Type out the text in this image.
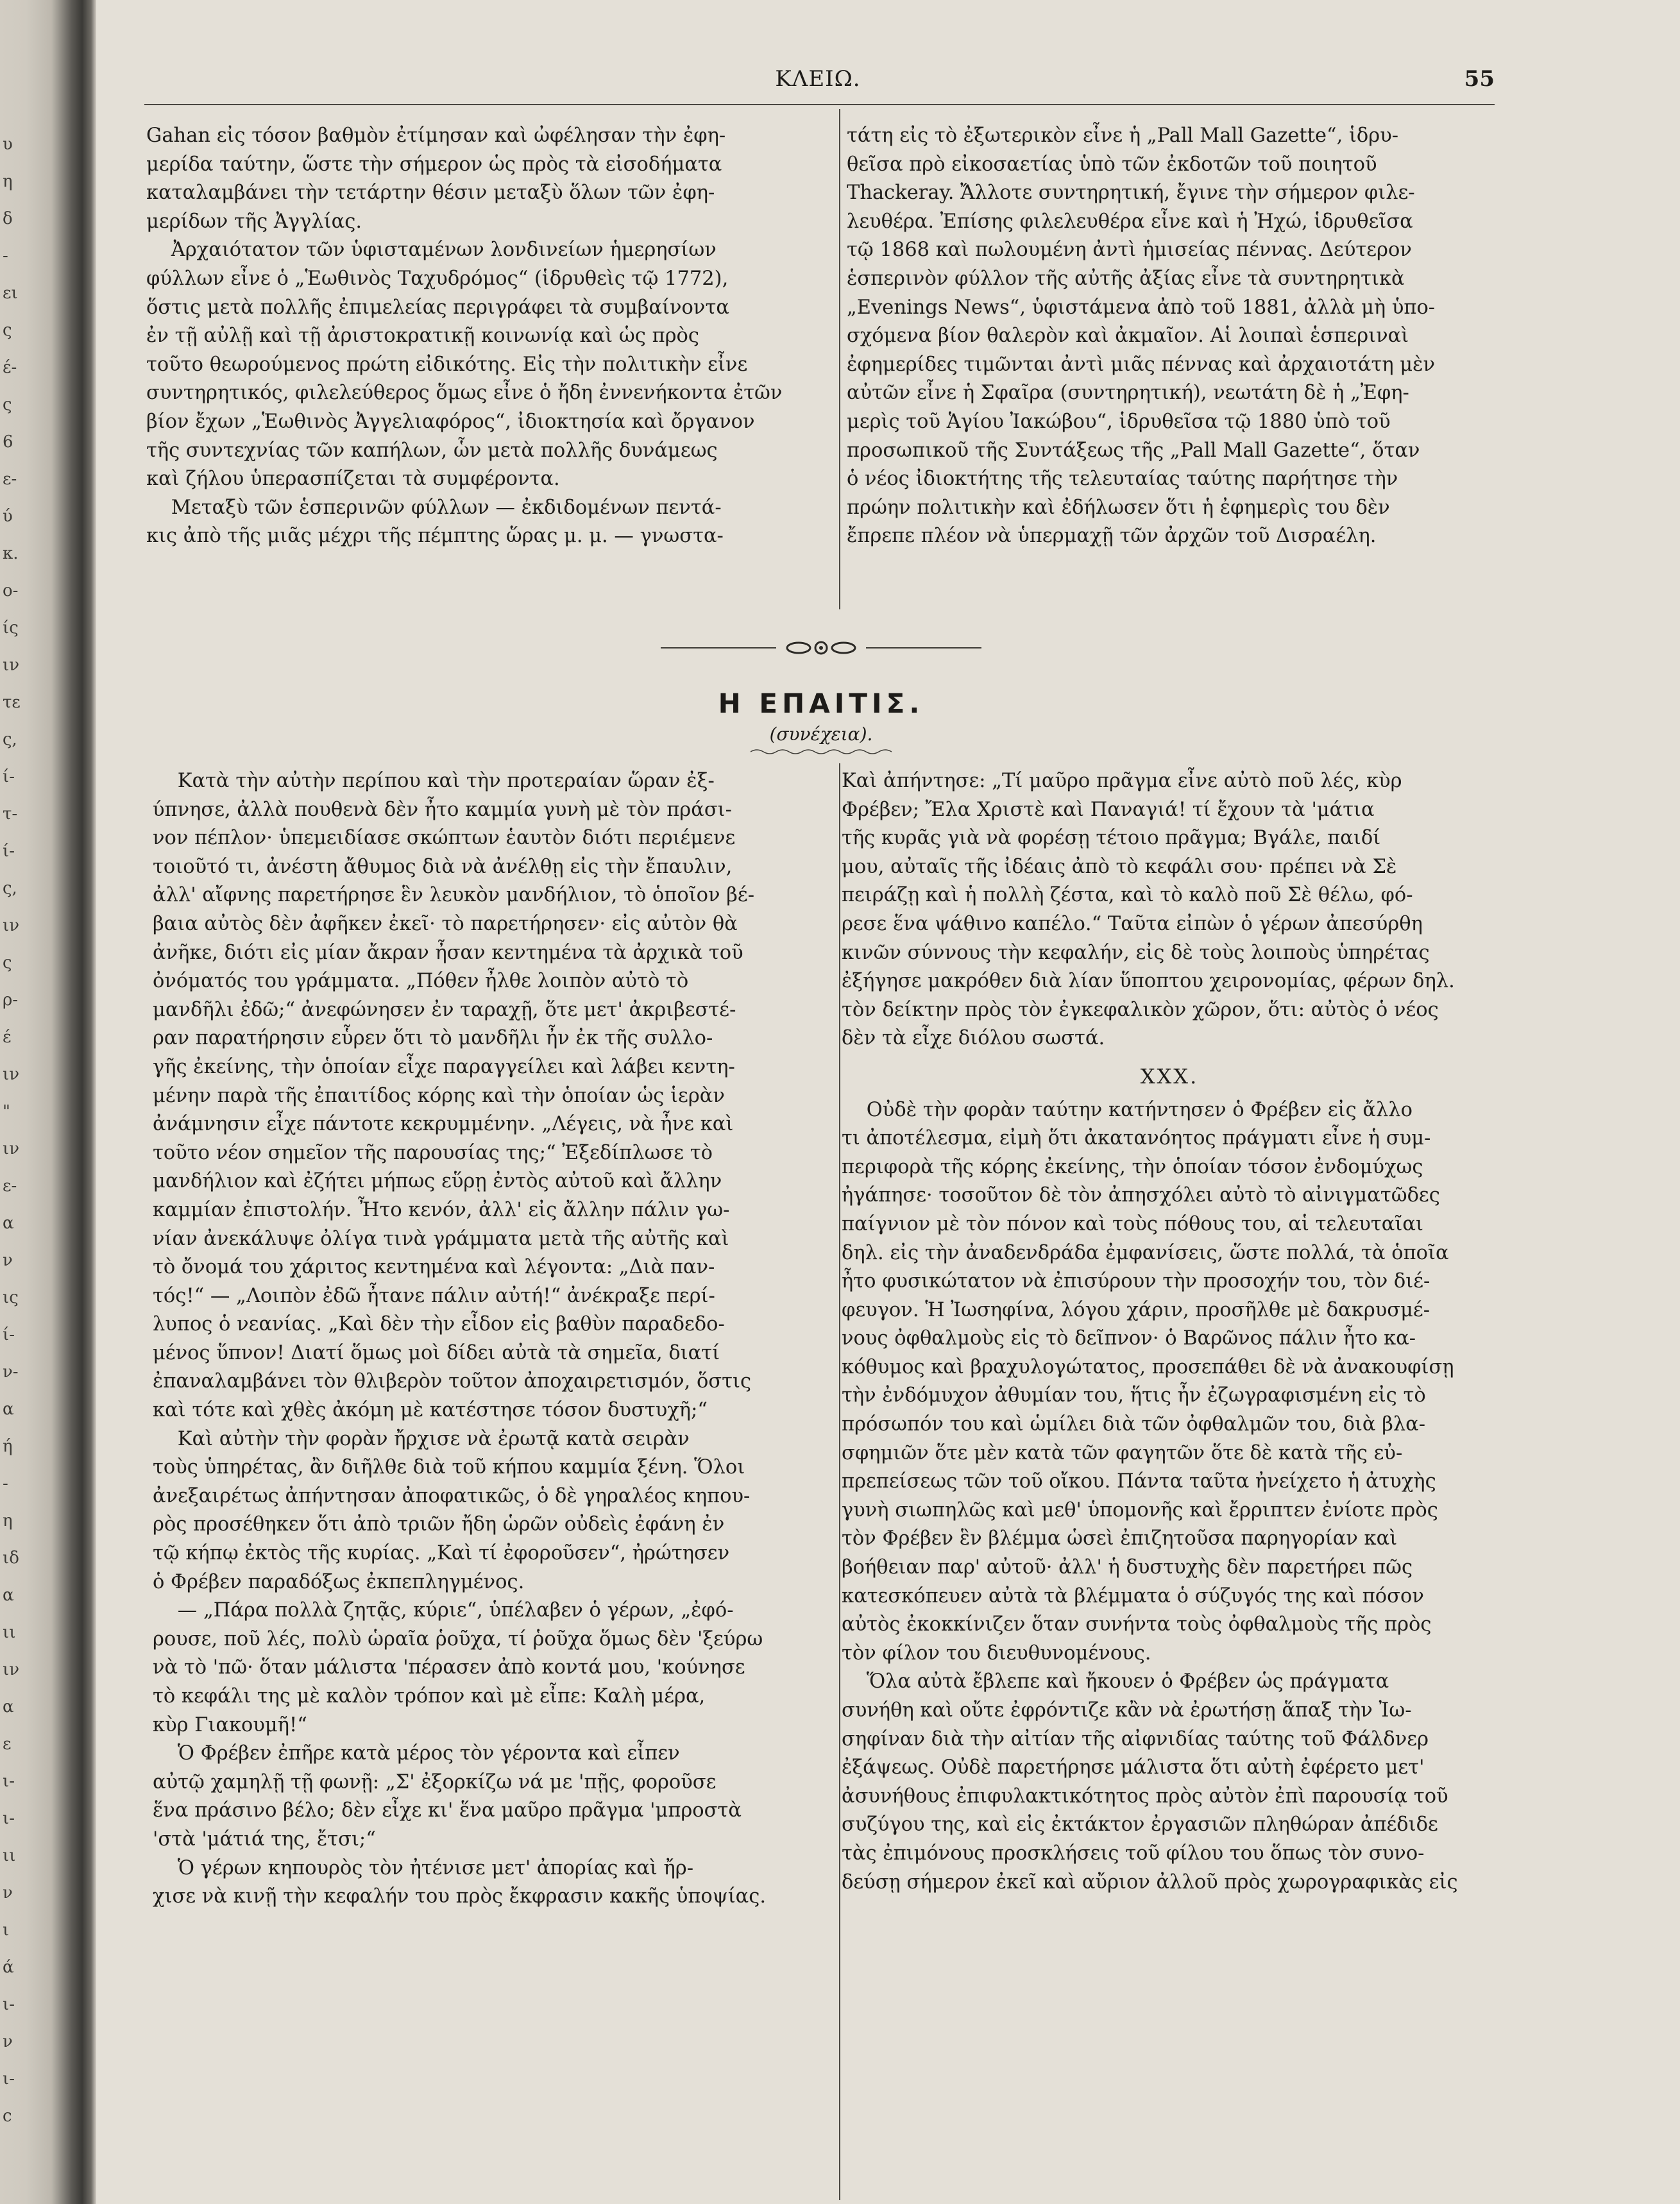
υ
η
δ
-
ει
ς
έ-
ς
6
ε-
ύ
κ.
ο-
ίς
ιν
τε
ς,
ί-
τ-
ί-
ς,
ιν
ς
ρ-
έ
ιν
"
ιν
ε-
α
ν
ις
ί-
ν-
α
ή
-
η
ιδ
α
ιι
ιν
α
ε
ι-
ι-
ιι
ν
ι
ά
ι-
ν
ι-
c
ΚΛΕΙΩ.	55
Gahan εἰς τόσον βαθμὸν ἐτίμησαν καὶ ὠφέλησαν τὴν ἐφη-
μερίδα ταύτην, ὥστε τὴν σήμερον ὡς πρὸς τὰ εἰσοδήματα
καταλαμβάνει τὴν τετάρτην θέσιν μεταξὺ ὅλων τῶν ἐφη-
μερίδων τῆς Ἀγγλίας.
Ἀρχαιότατον τῶν ὑφισταμένων λονδινείων ἡμερησίων
φύλλων εἶνε ὁ „Ἑωθινὸς Ταχυδρόμος“ (ἱδρυθεὶς τῷ 1772),
ὅστις μετὰ πολλῆς ἐπιμελείας περιγράφει τὰ συμβαίνοντα
ἐν τῇ αὐλῇ καὶ τῇ ἀριστοκρατικῇ κοινωνίᾳ καὶ ὡς πρὸς
τοῦτο θεωρούμενος πρώτη εἰδικότης. Εἰς τὴν πολιτικὴν εἶνε
συντηρητικός, φιλελεύθερος ὅμως εἶνε ὁ ἤδη ἐννενήκοντα ἐτῶν
βίον ἔχων „Ἑωθινὸς Ἀγγελιαφόρος“, ἰδιοκτησία καὶ ὄργανον
τῆς συντεχνίας τῶν καπήλων, ὧν μετὰ πολλῆς δυνάμεως
καὶ ζήλου ὑπερασπίζεται τὰ συμφέροντα.
Μεταξὺ τῶν ἑσπερινῶν φύλλων — ἐκδιδομένων πεντά-
κις ἀπὸ τῆς μιᾶς μέχρι τῆς πέμπτης ὥρας μ. μ. — γνωστα-
τάτη εἰς τὸ ἐξωτερικὸν εἶνε ἡ „Pall Mall Gazette“, ἱδρυ-
θεῖσα πρὸ εἰκοσαετίας ὑπὸ τῶν ἐκδοτῶν τοῦ ποιητοῦ
Thackeray. Ἄλλοτε συντηρητική, ἔγινε τὴν σήμερον φιλε-
λευθέρα. Ἐπίσης φιλελευθέρα εἶνε καὶ ἡ Ἠχώ, ἱδρυθεῖσα
τῷ 1868 καὶ πωλουμένη ἀντὶ ἡμισείας πέννας. Δεύτερον
ἑσπερινὸν φύλλον τῆς αὐτῆς ἀξίας εἶνε τὰ συντηρητικὰ
„Evenings News“, ὑφιστάμενα ἀπὸ τοῦ 1881, ἀλλὰ μὴ ὑπο-
σχόμενα βίον θαλερὸν καὶ ἀκμαῖον. Αἱ λοιπαὶ ἑσπεριναὶ
ἐφημερίδες τιμῶνται ἀντὶ μιᾶς πέννας καὶ ἀρχαιοτάτη μὲν
αὐτῶν εἶνε ἡ Σφαῖρα (συντηρητική), νεωτάτη δὲ ἡ „Ἐφη-
μερὶς τοῦ Ἁγίου Ἰακώβου“, ἱδρυθεῖσα τῷ 1880 ὑπὸ τοῦ
προσωπικοῦ τῆς Συντάξεως τῆς „Pall Mall Gazette“, ὅταν
ὁ νέος ἰδιοκτήτης τῆς τελευταίας ταύτης παρήτησε τὴν
πρώην πολιτικὴν καὶ ἐδήλωσεν ὅτι ἡ ἐφημερὶς του δὲν
ἔπρεπε πλέον νὰ ὑπερμαχῇ τῶν ἀρχῶν τοῦ Δισραέλη.
Η ΕΠΑΙΤΙΣ.
(συνέχεια).
Κατὰ τὴν αὐτὴν περίπου καὶ τὴν προτεραίαν ὥραν ἐξ-
ύπνησε, ἀλλὰ πουθενὰ δὲν ἦτο καμμία γυνὴ μὲ τὸν πράσι-
νον πέπλον· ὑπεμειδίασε σκώπτων ἑαυτὸν διότι περιέμενε
τοιοῦτό τι, ἀνέστη ἄθυμος διὰ νὰ ἀνέλθῃ εἰς τὴν ἔπαυλιν,
ἀλλ' αἴφνης παρετήρησε ἓν λευκὸν μανδήλιον, τὸ ὁποῖον βέ-
βαια αὐτὸς δὲν ἀφῆκεν ἐκεῖ· τὸ παρετήρησεν· εἰς αὐτὸν θὰ
ἀνῆκε, διότι εἰς μίαν ἄκραν ἦσαν κεντημένα τὰ ἀρχικὰ τοῦ
ὀνόματός του γράμματα. „Πόθεν ἦλθε λοιπὸν αὐτὸ τὸ
μανδῆλι ἐδῶ;“ ἀνεφώνησεν ἐν ταραχῇ, ὅτε μετ' ἀκριβεστέ-
ραν παρατήρησιν εὗρεν ὅτι τὸ μανδῆλι ἦν ἐκ τῆς συλλο-
γῆς ἐκείνης, τὴν ὁποίαν εἶχε παραγγείλει καὶ λάβει κεντη-
μένην παρὰ τῆς ἐπαιτίδος κόρης καὶ τὴν ὁποίαν ὡς ἱερὰν
ἀνάμνησιν εἶχε πάντοτε κεκρυμμένην. „Λέγεις, νὰ ἦνε καὶ
τοῦτο νέον σημεῖον τῆς παρουσίας της;“ Ἐξεδίπλωσε τὸ
μανδήλιον καὶ ἐζήτει μήπως εὕρῃ ἐντὸς αὐτοῦ καὶ ἄλλην
καμμίαν ἐπιστολήν. Ἦτο κενόν, ἀλλ' εἰς ἄλλην πάλιν γω-
νίαν ἀνεκάλυψε ὀλίγα τινὰ γράμματα μετὰ τῆς αὐτῆς καὶ
τὸ ὄνομά του χάριτος κεντημένα καὶ λέγοντα: „Διὰ παν-
τός!“ — „Λοιπὸν ἐδῶ ἦτανε πάλιν αὐτή!“ ἀνέκραξε περί-
λυπος ὁ νεανίας. „Καὶ δὲν τὴν εἶδον εἰς βαθὺν παραδεδο-
μένος ὕπνον! Διατί ὅμως μοὶ δίδει αὐτὰ τὰ σημεῖα, διατί
ἐπαναλαμβάνει τὸν θλιβερὸν τοῦτον ἀποχαιρετισμόν, ὅστις
καὶ τότε καὶ χθὲς ἀκόμη μὲ κατέστησε τόσον δυστυχῆ;“
Καὶ αὐτὴν τὴν φορὰν ἤρχισε νὰ ἐρωτᾷ κατὰ σειρὰν
τοὺς ὑπηρέτας, ἂν διῆλθε διὰ τοῦ κήπου καμμία ξένη. Ὅλοι
ἀνεξαιρέτως ἀπήντησαν ἀποφατικῶς, ὁ δὲ γηραλέος κηπου-
ρὸς προσέθηκεν ὅτι ἀπὸ τριῶν ἤδη ὡρῶν οὐδεὶς ἐφάνη ἐν
τῷ κήπῳ ἐκτὸς τῆς κυρίας. „Καὶ τί ἐφοροῦσεν“, ἠρώτησεν
ὁ Φρέβεν παραδόξως ἐκπεπληγμένος.
— „Πάρα πολλὰ ζητᾷς, κύριε“, ὑπέλαβεν ὁ γέρων, „ἐφό-
ρουσε, ποῦ λές, πολὺ ὡραῖα ῥοῦχα, τί ῥοῦχα ὅμως δὲν 'ξεύρω
νὰ τὸ 'πῶ· ὅταν μάλιστα 'πέρασεν ἀπὸ κοντά μου, 'κούνησε
τὸ κεφάλι της μὲ καλὸν τρόπον καὶ μὲ εἶπε: Καλὴ μέρα,
κὺρ Γιακουμῆ!“
Ὁ Φρέβεν ἐπῆρε κατὰ μέρος τὸν γέροντα καὶ εἶπεν
αὐτῷ χαμηλῇ τῇ φωνῇ: „Σ' ἐξορκίζω νά με 'πῇς, φοροῦσε
ἕνα πράσινο βέλο; δὲν εἶχε κι' ἕνα μαῦρο πρᾶγμα 'μπροστὰ
'στὰ 'μάτιά της, ἔτσι;“
Ὁ γέρων κηπουρὸς τὸν ἠτένισε μετ' ἀπορίας καὶ ἤρ-
χισε νὰ κινῇ τὴν κεφαλήν του πρὸς ἔκφρασιν κακῆς ὑποψίας.
Καὶ ἀπήντησε: „Τί μαῦρο πρᾶγμα εἶνε αὐτὸ ποῦ λές, κὺρ
Φρέβεν; Ἔλα Χριστὲ καὶ Παναγιά! τί ἔχουν τὰ 'μάτια
τῆς κυρᾶς γιὰ νὰ φορέσῃ τέτοιο πρᾶγμα; Βγάλε, παιδί
μου, αὐταῖς τῆς ἰδέαις ἀπὸ τὸ κεφάλι σου· πρέπει νὰ Σὲ
πειράζῃ καὶ ἡ πολλὴ ζέστα, καὶ τὸ καλὸ ποῦ Σὲ θέλω, φό-
ρεσε ἕνα ψάθινο καπέλο.“ Ταῦτα εἰπὼν ὁ γέρων ἀπεσύρθη
κινῶν σύννους τὴν κεφαλήν, εἰς δὲ τοὺς λοιποὺς ὑπηρέτας
ἐξήγησε μακρόθεν διὰ λίαν ὕποπτου χειρονομίας, φέρων δηλ.
τὸν δείκτην πρὸς τὸν ἐγκεφαλικὸν χῶρον, ὅτι: αὐτὸς ὁ νέος
δὲν τὰ εἶχε διόλου σωστά.
XXX.
Οὐδὲ τὴν φορὰν ταύτην κατήντησεν ὁ Φρέβεν εἰς ἄλλο
τι ἀποτέλεσμα, εἰμὴ ὅτι ἀκατανόητος πράγματι εἶνε ἡ συμ-
περιφορὰ τῆς κόρης ἐκείνης, τὴν ὁποίαν τόσον ἐνδομύχως
ἠγάπησε· τοσοῦτον δὲ τὸν ἀπησχόλει αὐτὸ τὸ αἰνιγματῶδες
παίγνιον μὲ τὸν πόνον καὶ τοὺς πόθους του, αἱ τελευταῖαι
δηλ. εἰς τὴν ἀναδενδράδα ἐμφανίσεις, ὥστε πολλά, τὰ ὁποῖα
ἦτο φυσικώτατον νὰ ἐπισύρουν τὴν προσοχήν του, τὸν διέ-
φευγον. Ἡ Ἰωσηφίνα, λόγου χάριν, προσῆλθε μὲ δακρυσμέ-
νους ὀφθαλμοὺς εἰς τὸ δεῖπνον· ὁ Βαρῶνος πάλιν ἦτο κα-
κόθυμος καὶ βραχυλογώτατος, προσεπάθει δὲ νὰ ἀνακουφίσῃ
τὴν ἐνδόμυχον ἀθυμίαν του, ἥτις ἦν ἐζωγραφισμένη εἰς τὸ
πρόσωπόν του καὶ ὡμίλει διὰ τῶν ὀφθαλμῶν του, διὰ βλα-
σφημιῶν ὅτε μὲν κατὰ τῶν φαγητῶν ὅτε δὲ κατὰ τῆς εὐ-
πρεπείσεως τῶν τοῦ οἴκου. Πάντα ταῦτα ἠνείχετο ἡ ἀτυχὴς
γυνὴ σιωπηλῶς καὶ μεθ' ὑπομονῆς καὶ ἔρριπτεν ἐνίοτε πρὸς
τὸν Φρέβεν ἓν βλέμμα ὡσεὶ ἐπιζητοῦσα παρηγορίαν καὶ
βοήθειαν παρ' αὐτοῦ· ἀλλ' ἡ δυστυχὴς δὲν παρετήρει πῶς
κατεσκόπευεν αὐτὰ τὰ βλέμματα ὁ σύζυγός της καὶ πόσον
αὐτὸς ἐκοκκίνιζεν ὅταν συνήντα τοὺς ὀφθαλμοὺς τῆς πρὸς
τὸν φίλον του διευθυνομένους.
Ὅλα αὐτὰ ἔβλεπε καὶ ἤκουεν ὁ Φρέβεν ὡς πράγματα
συνήθη καὶ οὔτε ἐφρόντιζε κἂν νὰ ἐρωτήσῃ ἅπαξ τὴν Ἰω-
σηφίναν διὰ τὴν αἰτίαν τῆς αἰφνιδίας ταύτης τοῦ Φάλδνερ
ἐξάψεως. Οὐδὲ παρετήρησε μάλιστα ὅτι αὐτὴ ἐφέρετο μετ'
ἀσυνήθους ἐπιφυλακτικότητος πρὸς αὐτὸν ἐπὶ παρουσίᾳ τοῦ
συζύγου της, καὶ εἰς ἐκτάκτον ἐργασιῶν πληθώραν ἀπέδιδε
τὰς ἐπιμόνους προσκλήσεις τοῦ φίλου του ὅπως τὸν συνο-
δεύσῃ σήμερον ἐκεῖ καὶ αὔριον ἀλλοῦ πρὸς χωρογραφικὰς εἰς
